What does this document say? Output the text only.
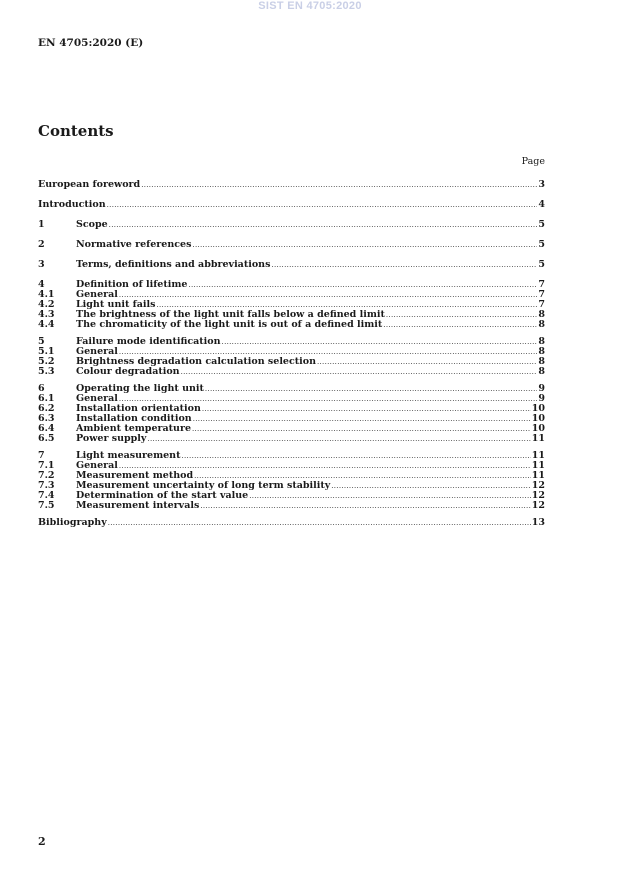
SIST EN 4705:2020
EN 4705:2020 (E)
Contents
Page
European foreword .....	3
Introduction .....	4
1	Scope .....	5
2	Normative references .....	5
3	Terms, definitions and abbreviations .....	5
4	Definition of lifetime .....	7
4.1	General .....	7
4.2	Light unit fails .....	7
4.3	The brightness of the light unit falls below a defined limit .....	8
4.4	The chromaticity of the light unit is out of a defined limit .....	8
5	Failure mode identification .....	8
5.1	General .....	8
5.2	Brightness degradation calculation selection .....	8
5.3	Colour degradation .....	8
6	Operating the light unit .....	9
6.1	General .....	9
6.2	Installation orientation .....	10
6.3	Installation condition .....	10
6.4	Ambient temperature .....	10
6.5	Power supply .....	11
7	Light measurement .....	11
7.1	General .....	11
7.2	Measurement method .....	11
7.3	Measurement uncertainty of long term stability .....	12
7.4	Determination of the start value .....	12
7.5	Measurement intervals .....	12
Bibliography .....	13
2
